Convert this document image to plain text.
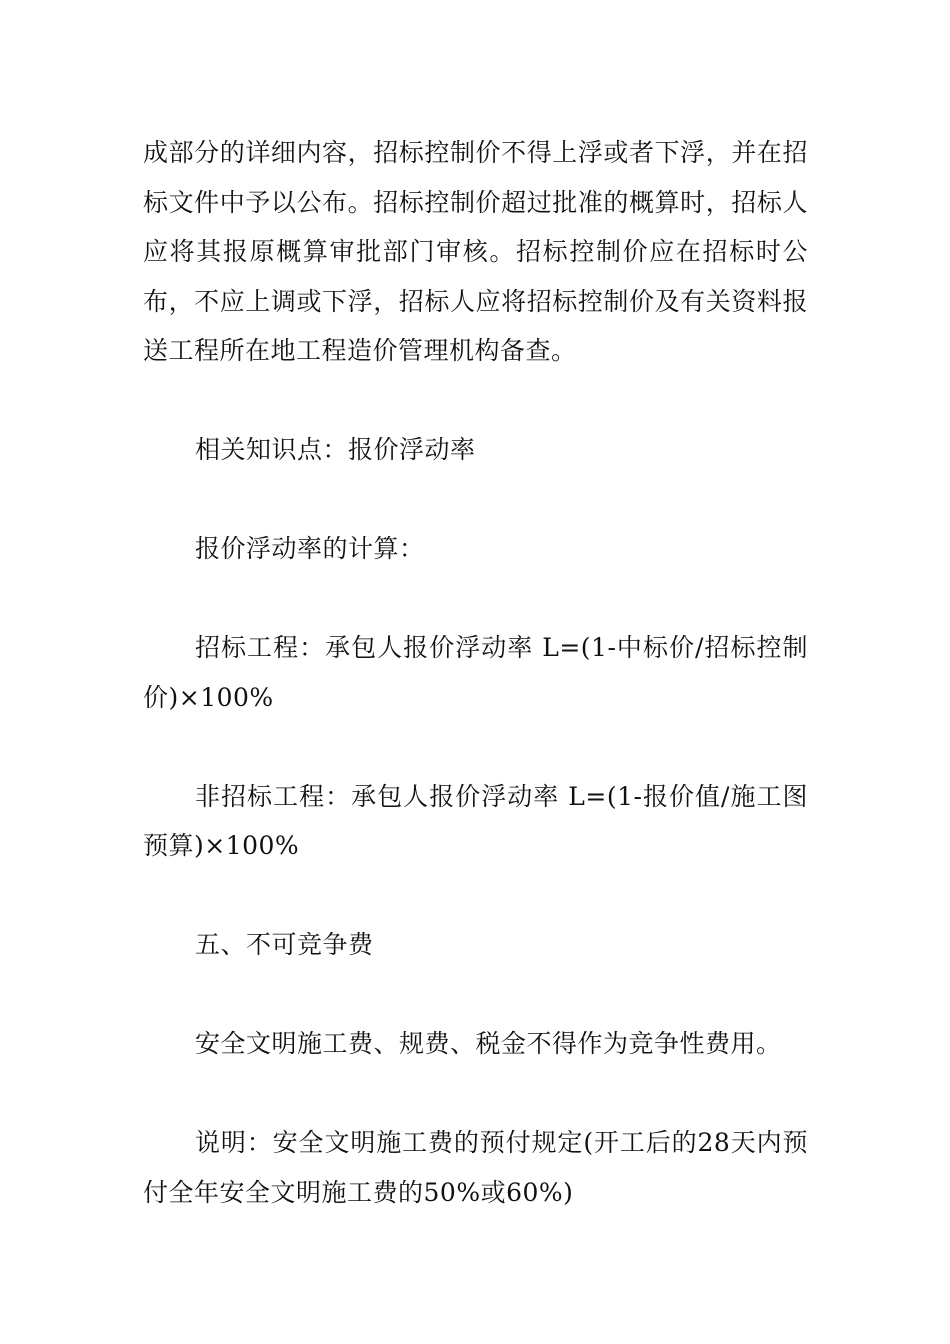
成部分的详细内容，招标控制价不得上浮或者下浮，并在招标文件中予以公布。招标控制价超过批准的概算时，招标人应将其报原概算审批部门审核。招标控制价应在招标时公布，不应上调或下浮，招标人应将招标控制价及有关资料报送工程所在地工程造价管理机构备查。

相关知识点：报价浮动率

报价浮动率的计算：

招标工程：承包人报价浮动率 L=(1-中标价/招标控制价)×100%

非招标工程：承包人报价浮动率 L=(1-报价值/施工图预算)×100%

五、不可竞争费

安全文明施工费、规费、税金不得作为竞争性费用。

说明：安全文明施工费的预付规定(开工后的28天内预付全年安全文明施工费的50%或60%)
